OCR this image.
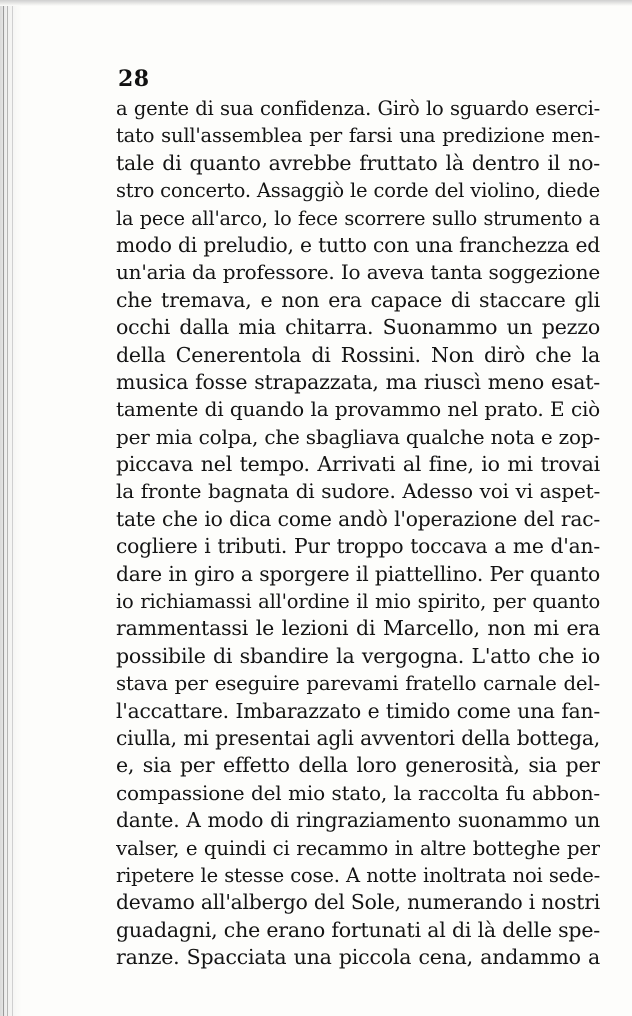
28
a gente di sua confidenza. Girò lo sguardo eserci-
tato sull'assemblea per farsi una predizione men-
tale di quanto avrebbe fruttato là dentro il no-
stro concerto. Assaggiò le corde del violino, diede
la pece all'arco, lo fece scorrere sullo strumento a
modo di preludio, e tutto con una franchezza ed
un'aria da professore. Io aveva tanta soggezione
che tremava, e non era capace di staccare gli
occhi dalla mia chitarra. Suonammo un pezzo
della Cenerentola di Rossini. Non dirò che la
musica fosse strapazzata, ma riuscì meno esat-
tamente di quando la provammo nel prato. E ciò
per mia colpa, che sbagliava qualche nota e zop-
piccava nel tempo. Arrivati al fine, io mi trovai
la fronte bagnata di sudore. Adesso voi vi aspet-
tate che io dica come andò l'operazione del rac-
cogliere i tributi. Pur troppo toccava a me d'an-
dare in giro a sporgere il piattellino. Per quanto
io richiamassi all'ordine il mio spirito, per quanto
rammentassi le lezioni di Marcello, non mi era
possibile di sbandire la vergogna. L'atto che io
stava per eseguire parevami fratello carnale del-
l'accattare. Imbarazzato e timido come una fan-
ciulla, mi presentai agli avventori della bottega,
e, sia per effetto della loro generosità, sia per
compassione del mio stato, la raccolta fu abbon-
dante. A modo di ringraziamento suonammo un
valser, e quindi ci recammo in altre botteghe per
ripetere le stesse cose. A notte inoltrata noi sede-
devamo all'albergo del Sole, numerando i nostri
guadagni, che erano fortunati al di là delle spe-
ranze. Spacciata una piccola cena, andammo a
